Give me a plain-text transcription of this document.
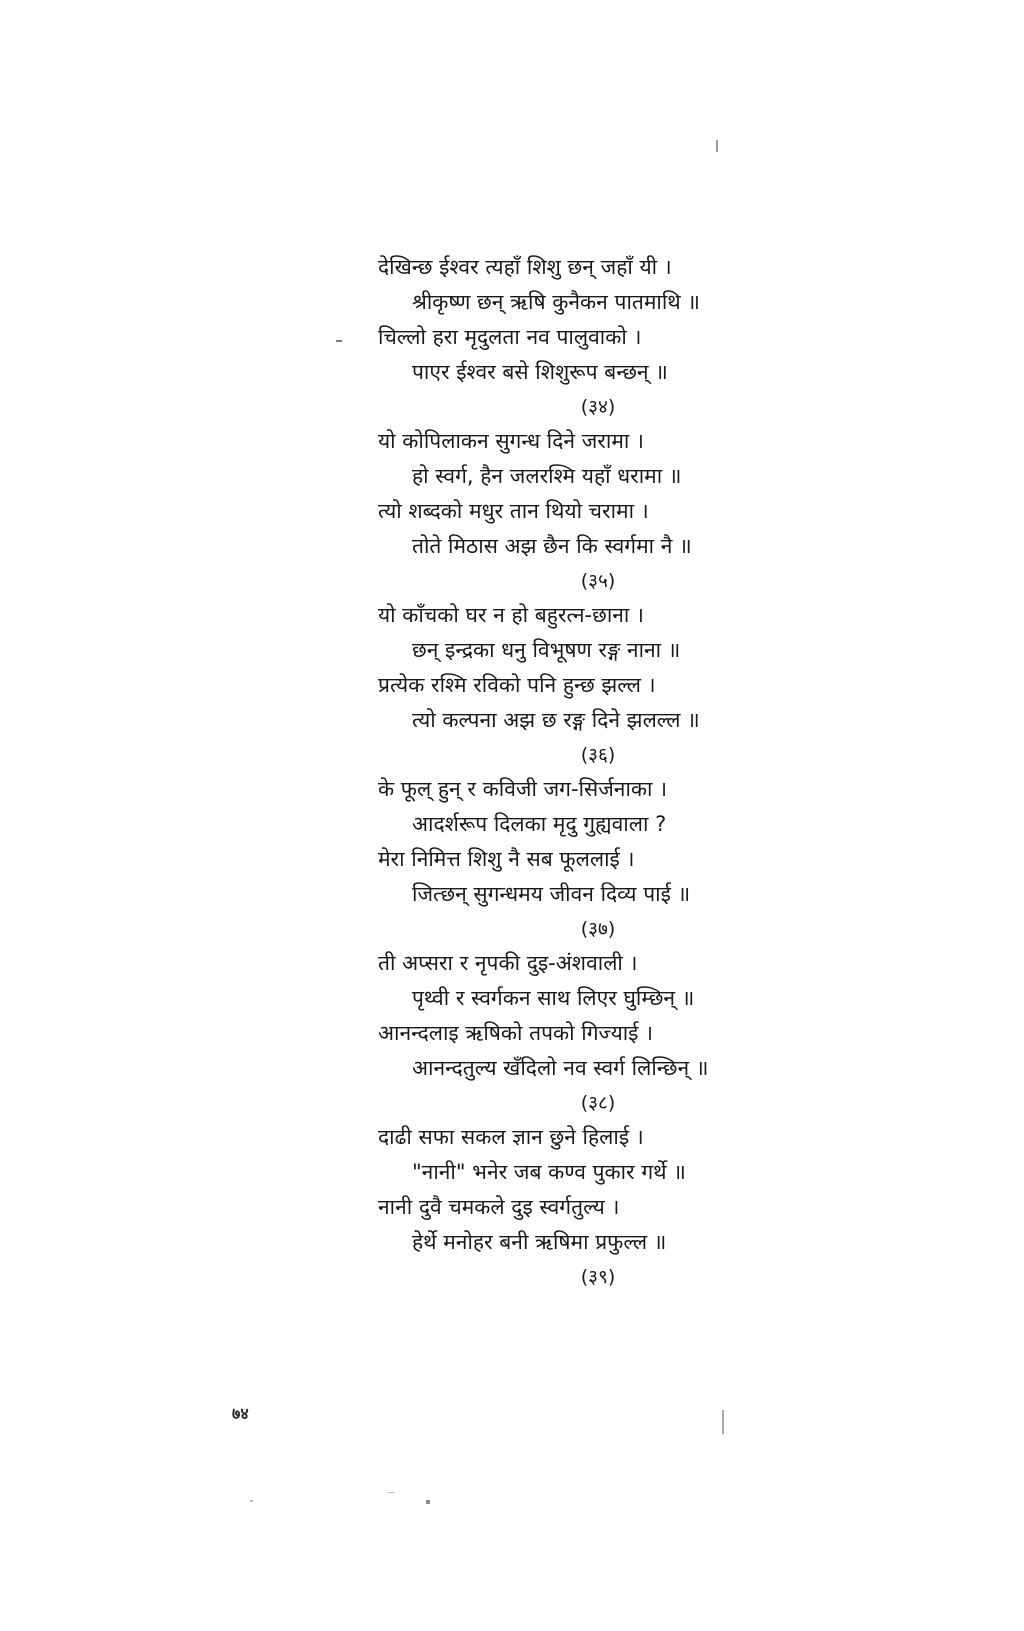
देखिन्छ ईश्वर त्यहाँ शिशु छन् जहाँ यी ।
श्रीकृष्ण छन् ऋषि कुनैकन पातमाथि ॥
चिल्लो हरा मृदुलता नव पालुवाको ।
पाएर ईश्वर बसे शिशुरूप बन्छन् ॥
(३४)
यो कोपिलाकन सुगन्ध दिने जरामा ।
हो स्वर्ग, हैन जलरश्मि यहाँ धरामा ॥
त्यो शब्दको मधुर तान थियो चरामा ।
तोते मिठास अझ छैन कि स्वर्गमा नै ॥
(३५)
यो काँचको घर न हो बहुरत्न-छाना ।
छन् इन्द्रका धनु विभूषण रङ्ग नाना ॥
प्रत्येक रश्मि रविको पनि हुन्छ झल्ल ।
त्यो कल्पना अझ छ रङ्ग दिने झलल्ल ॥
(३६)
के फूल् हुन् र कविजी जग-सिर्जनाका ।
आदर्शरूप दिलका मृदु गुह्यवाला ?
मेरा निमित्त शिशु नै सब फूललाई ।
जित्छन् सुगन्धमय जीवन दिव्य पाई ॥
(३७)
ती अप्सरा र नृपकी दुइ-अंशवाली ।
पृथ्वी र स्वर्गकन साथ लिएर घुम्छिन् ॥
आनन्दलाइ ऋषिको तपको गिज्याई ।
आनन्दतुल्य खँदिलो नव स्वर्ग लिन्छिन् ॥
(३८)
दाढी सफा सकल ज्ञान छुने हिलाई ।
"नानी" भनेर जब कण्व पुकार गर्थे ॥
नानी दुवै चमकले दुइ स्वर्गतुल्य ।
हेर्थे मनोहर बनी ऋषिमा प्रफुल्ल ॥
(३९)
७४
